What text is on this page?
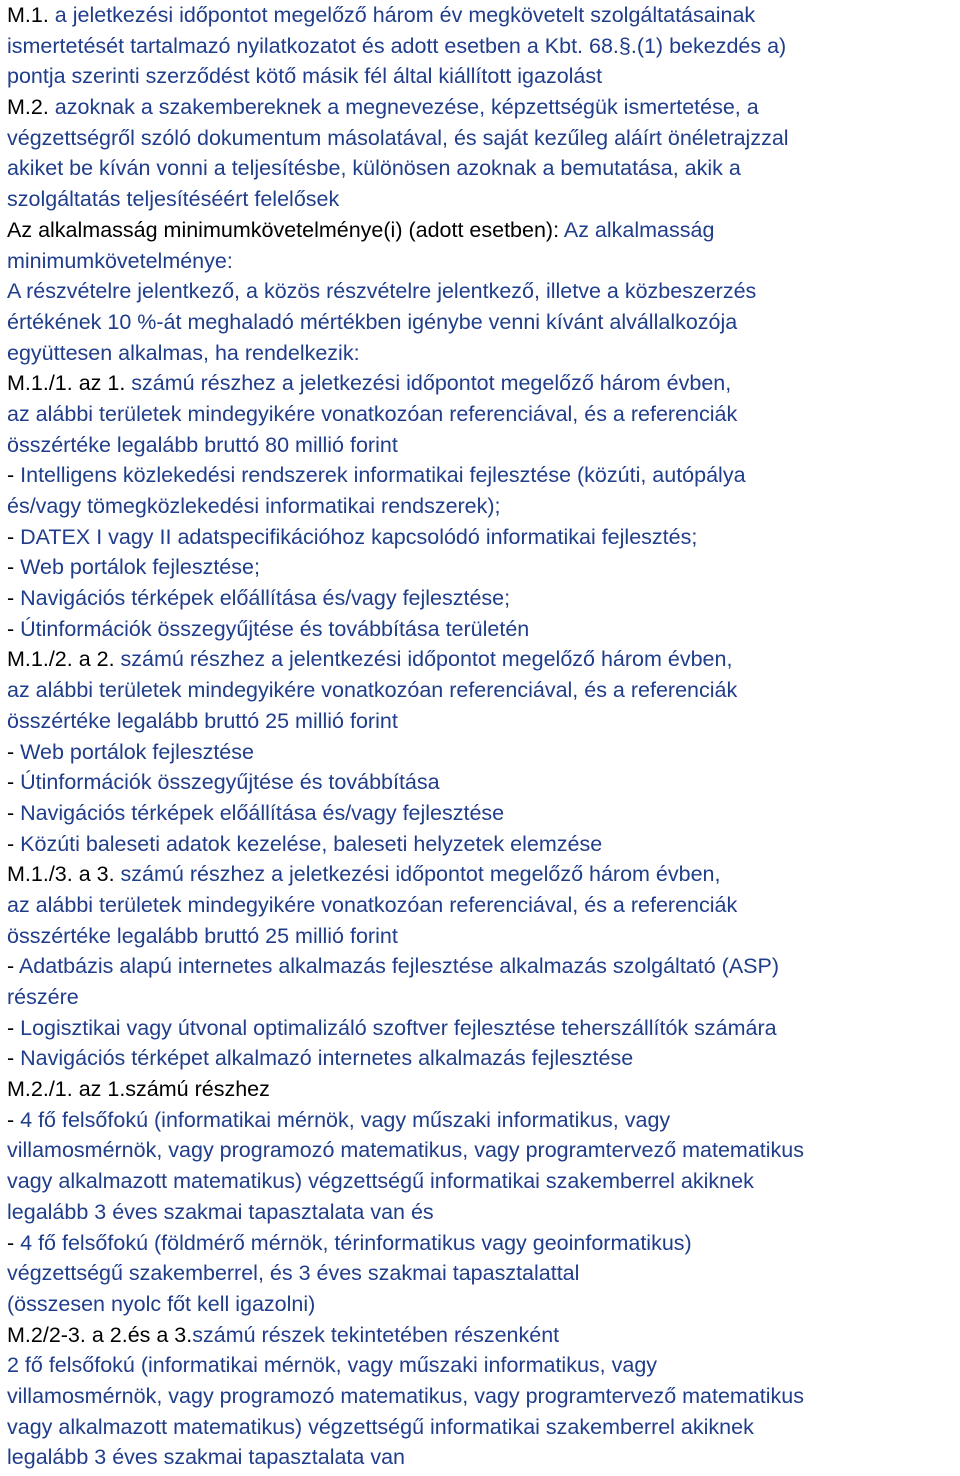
M.1. a jeletkezési időpontot megelőző három év megkövetelt szolgáltatásainak
ismertetését tartalmazó nyilatkozatot és adott esetben a Kbt. 68.§.(1) bekezdés a)
pontja szerinti szerződést kötő másik fél által kiállított igazolást
M.2. azoknak a szakembereknek a megnevezése, képzettségük ismertetése, a
végzettségről szóló dokumentum másolatával, és saját kezűleg aláírt önéletrajzzal
akiket be kíván vonni a teljesítésbe, különösen azoknak a bemutatása, akik a
szolgáltatás teljesítéséért felelősek
Az alkalmasság minimumkövetelménye(i) (adott esetben): Az alkalmasság
minimumkövetelménye:
A részvételre jelentkező, a közös részvételre jelentkező, illetve a közbeszerzés
értékének 10 %-át meghaladó mértékben igénybe venni kívánt alvállalkozója
együttesen alkalmas, ha rendelkezik:
M.1./1. az 1. számú részhez a jeletkezési időpontot megelőző három évben,
az alábbi területek mindegyikére vonatkozóan referenciával, és a referenciák
összértéke legalább bruttó 80 millió forint
- Intelligens közlekedési rendszerek informatikai fejlesztése (közúti, autópálya
és/vagy tömegközlekedési informatikai rendszerek);
- DATEX I vagy II adatspecifikációhoz kapcsolódó informatikai fejlesztés;
- Web portálok fejlesztése;
- Navigációs térképek előállítása és/vagy fejlesztése;
- Útinformációk összegyűjtése és továbbítása területén
M.1./2. a 2. számú részhez a jelentkezési időpontot megelőző három évben,
az alábbi területek mindegyikére vonatkozóan referenciával, és a referenciák
összértéke legalább bruttó 25 millió forint
- Web portálok fejlesztése
- Útinformációk összegyűjtése és továbbítása
- Navigációs térképek előállítása és/vagy fejlesztése
- Közúti baleseti adatok kezelése, baleseti helyzetek elemzése
M.1./3. a 3. számú részhez a jeletkezési időpontot megelőző három évben,
az alábbi területek mindegyikére vonatkozóan referenciával, és a referenciák
összértéke legalább bruttó 25 millió forint
- Adatbázis alapú internetes alkalmazás fejlesztése alkalmazás szolgáltató (ASP)
részére
- Logisztikai vagy útvonal optimalizáló szoftver fejlesztése teherszállítók számára
- Navigációs térképet alkalmazó internetes alkalmazás fejlesztése
M.2./1. az 1.számú részhez
- 4 fő felsőfokú (informatikai mérnök, vagy műszaki informatikus, vagy
villamosmérnök, vagy programozó matematikus, vagy programtervező matematikus
vagy alkalmazott matematikus) végzettségű informatikai szakemberrel akiknek
legalább 3 éves szakmai tapasztalata van és
- 4 fő felsőfokú (földmérő mérnök, térinformatikus vagy geoinformatikus)
végzettségű szakemberrel, és 3 éves szakmai tapasztalattal
(összesen nyolc főt kell igazolni)
M.2/2-3. a 2.és a 3.számú részek tekintetében részenként
2 fő felsőfokú (informatikai mérnök, vagy műszaki informatikus, vagy
villamosmérnök, vagy programozó matematikus, vagy programtervező matematikus
vagy alkalmazott matematikus) végzettségű informatikai szakemberrel akiknek
legalább 3 éves szakmai tapasztalata van
